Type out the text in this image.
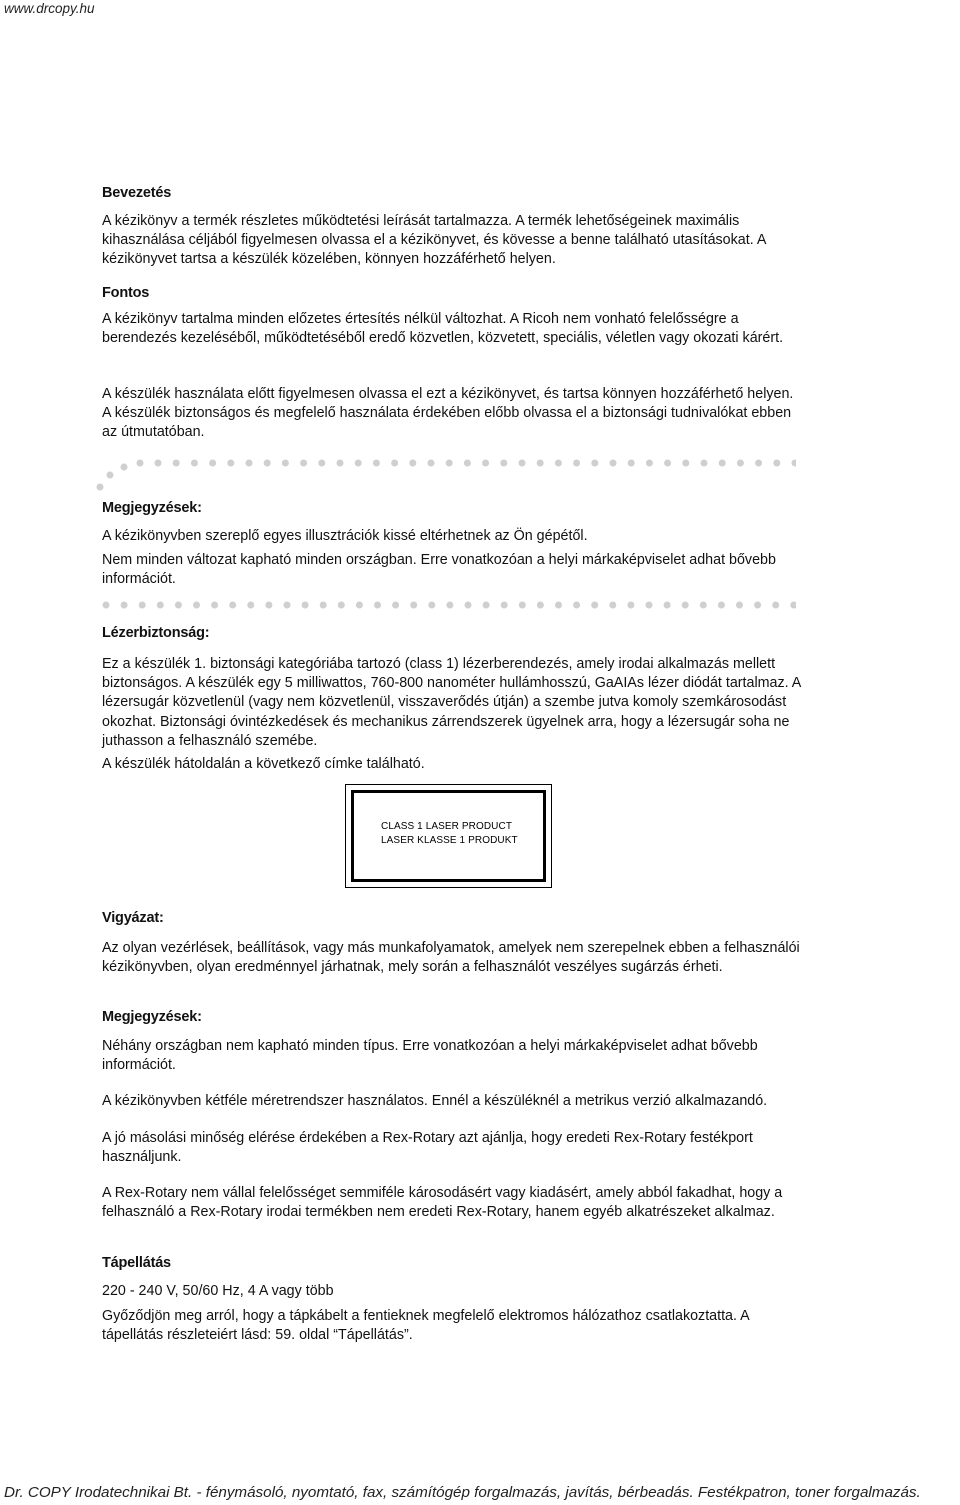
www.drcopy.hu
Bevezetés
A kézikönyv a termék részletes működtetési leírását tartalmazza. A termék lehetőségeinek maximális kihasználása céljából figyelmesen olvassa el a kézikönyvet, és kövesse a benne található utasításokat. A kézikönyvet tartsa a készülék közelében, könnyen hozzáférhető helyen.
Fontos
A kézikönyv tartalma minden előzetes értesítés nélkül változhat. A Ricoh nem vonható felelősségre a berendezés kezeléséből, működtetéséből eredő közvetlen, közvetett, speciális, véletlen vagy okozati kárért.
A készülék használata előtt figyelmesen olvassa el ezt a kézikönyvet, és tartsa könnyen hozzáférhető helyen. A készülék biztonságos és megfelelő használata érdekében előbb olvassa el a biztonsági tudnivalókat ebben az útmutatóban.
Megjegyzések:
A kézikönyvben szereplő egyes illusztrációk kissé eltérhetnek az Ön gépétől.
Nem minden változat kapható minden országban. Erre vonatkozóan a helyi márkaképviselet adhat bővebb információt.
Lézerbiztonság:
Ez a készülék 1. biztonsági kategóriába tartozó (class 1) lézerberendezés, amely irodai alkalmazás mellett biztonságos. A készülék egy 5 milliwattos, 760-800 nanométer hullámhosszú, GaAIAs lézer diódát tartalmaz. A lézersugár közvetlenül (vagy nem közvetlenül, visszaverődés útján) a szembe jutva komoly szemkárosodást okozhat. Biztonsági óvintézkedések és mechanikus zárrendszerek ügyelnek arra, hogy a lézersugár soha ne juthasson a felhasználó szemébe.
A készülék hátoldalán a következő címke található.
CLASS 1 LASER PRODUCT
LASER KLASSE 1 PRODUKT
Vigyázat:
Az olyan vezérlések, beállítások, vagy más munkafolyamatok, amelyek nem szerepelnek ebben a felhasználói kézikönyvben, olyan eredménnyel járhatnak, mely során a felhasználót veszélyes sugárzás érheti.
Megjegyzések:
Néhány országban nem kapható minden típus. Erre vonatkozóan a helyi márkaképviselet adhat bővebb információt.
A kézikönyvben kétféle méretrendszer használatos. Ennél a készüléknél a metrikus verzió alkalmazandó.
A jó másolási minőség elérése érdekében a Rex-Rotary azt ajánlja, hogy eredeti Rex-Rotary festékport használjunk.
A Rex-Rotary nem vállal felelősséget semmiféle károsodásért vagy kiadásért, amely abból fakadhat, hogy a felhasználó a Rex-Rotary irodai termékben nem eredeti Rex-Rotary, hanem egyéb alkatrészeket alkalmaz.
Tápellátás
220 - 240 V, 50/60 Hz, 4 A vagy több
Győződjön meg arról, hogy a tápkábelt a fentieknek megfelelő elektromos hálózathoz csatlakoztatta. A tápellátás részleteiért lásd: 59. oldal “Tápellátás”.
Dr. COPY Irodatechnikai Bt. - fénymásoló, nyomtató, fax, számítógép forgalmazás, javítás, bérbeadás. Festékpatron, toner forgalmazás.
